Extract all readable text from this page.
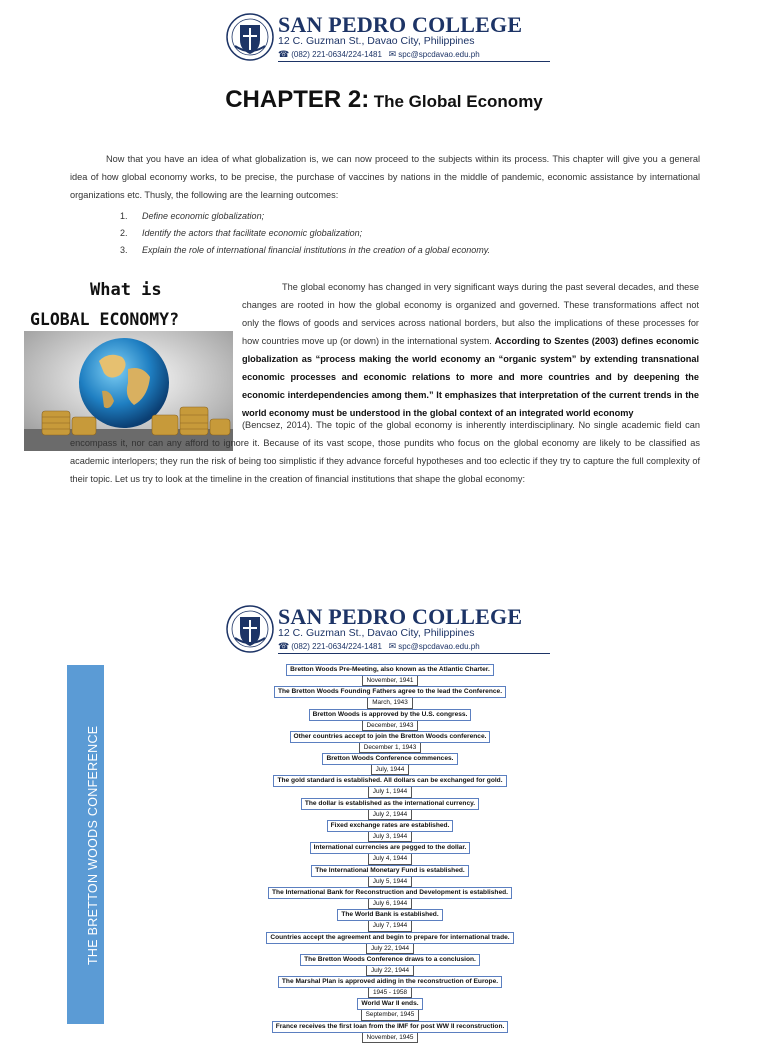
SAN PEDRO COLLEGE
12 C. Guzman St., Davao City, Philippines
☎ (082) 221-0634/224-1481 ✉ spc@spcdavao.edu.ph
CHAPTER 2: The Global Economy
Now that you have an idea of what globalization is, we can now proceed to the subjects within its process. This chapter will give you a general idea of how global economy works, to be precise, the purchase of vaccines by nations in the middle of pandemic, economic assistance by international organizations etc. Thusly, the following are the learning outcomes:
1. Define economic globalization;
2. Identify the actors that facilitate economic globalization;
3. Explain the role of international financial institutions in the creation of a global economy.
What is
GLOBAL ECONOMY?
The global economy has changed in very significant ways during the past several decades, and these changes are rooted in how the global economy is organized and governed. These transformations affect not only the flows of goods and services across national borders, but also the implications of these processes for how countries move up (or down) in the international system. According to Szentes (2003) defines economic globalization as “process making the world economy an “organic system” by extending transnational economic processes and economic relations to more and more countries and by deepening the economic interdependencies among them.” It emphasizes that interpretation of the current trends in the world economy must be understood in the global context of an integrated world economy
(Bencsez, 2014). The topic of the global economy is inherently interdisciplinary. No single academic field can encompass it, nor can any afford to ignore it. Because of its vast scope, those pundits who focus on the global economy are likely to be classified as academic interlopers; they run the risk of being too simplistic if they advance forceful hypotheses and too eclectic if they try to capture the full complexity of their topic. Let us try to look at the timeline in the creation of financial institutions that shape the global economy:
SAN PEDRO COLLEGE
12 C. Guzman St., Davao City, Philippines
☎ (082) 221-0634/224-1481 ✉ spc@spcdavao.edu.ph
THE BRETTON WOODS CONFERENCE
Bretton Woods Pre-Meeting, also known as the Atlantic Charter.
November, 1941
The Bretton Woods Founding Fathers agree to the lead the Conference.
March, 1943
Bretton Woods is approved by the U.S. congress.
December, 1943
Other countries accept to join the Bretton Woods conference.
December 1, 1943
Bretton Woods Conference commences.
July, 1944
The gold standard is established. All dollars can be exchanged for gold.
July 1, 1944
The dollar is established as the international currency.
July 2, 1944
Fixed exchange rates are established.
July 3, 1944
International currencies are pegged to the dollar.
July 4, 1944
The International Monetary Fund is established.
July 5, 1944
The International Bank for Reconstruction and Development is established.
July 6, 1944
The World Bank is established.
July 7, 1944
Countries accept the agreement and begin to prepare for international trade.
July 22, 1944
The Bretton Woods Conference draws to a conclusion.
July 22, 1944
The Marshal Plan is approved aiding in the reconstruction of Europe.
1945 - 1958
World War II ends.
September, 1945
France receives the first loan from the IMF for post WW II reconstruction.
November, 1945
